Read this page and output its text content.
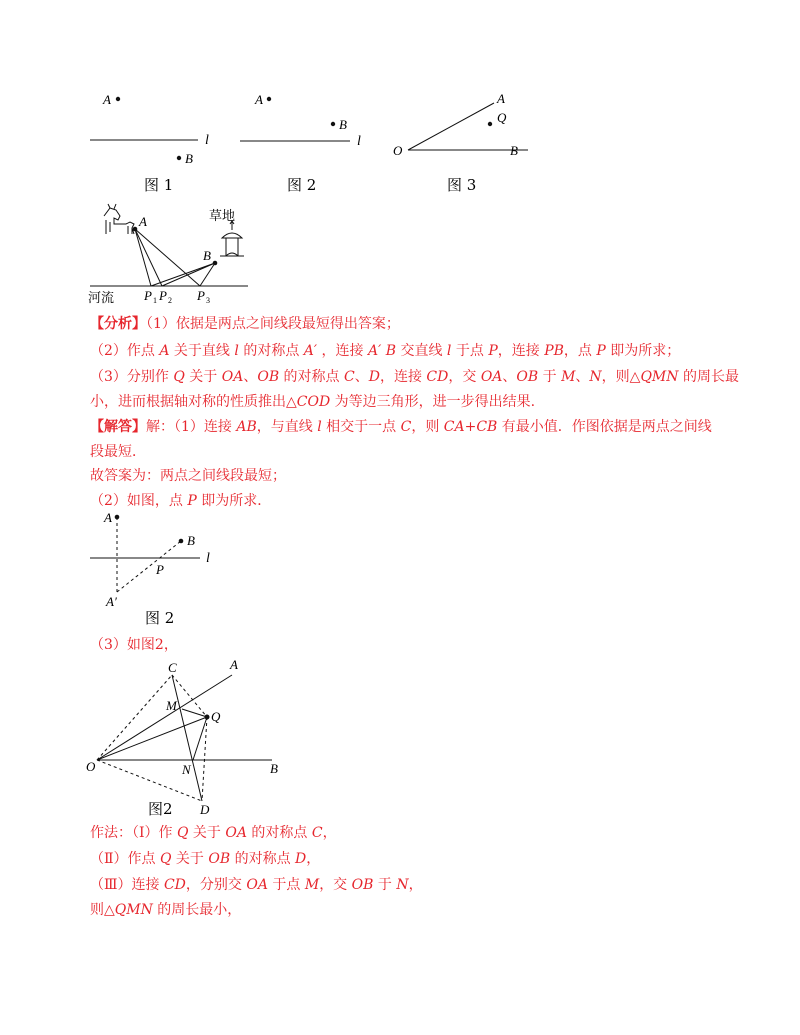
A
l
B
图 1
A
l
B
图 2
O	B
A
Q
图 3
草地
A
B
河流 P 1 P 2 P 3
【分析】（1）依据是两点之间线段最短得出答案；
（2）作点 A 关于直线 l 的对称点 A′ ，连接 A′ B 交直线 l 于点 P，连接 PB，点 P 即为所求；
（3）分别作 Q 关于 OA、OB 的对称点 C、D，连接 CD，交 OA、OB 于 M、N，则△QMN 的周长最
小，进而根据轴对称的性质推出△COD 为等边三角形，进一步得出结果.
【解答】解：（1）连接 AB，与直线 l 相交于一点 C，则 CA+CB 有最小值．作图依据是两点之间线
段最短．
故答案为：两点之间线段最短；
（2）如图，点 P 即为所求．
A
l
B
P
A′
图 2
（3）如图2，
C	A
M
Q
O	N	B
D
图2
作法：（Ⅰ）作 Q 关于 OA 的对称点 C，
（Ⅱ）作点 Q 关于 OB 的对称点 D，
（Ⅲ）连接 CD，分别交 OA 于点 M，交 OB 于 N，
则△QMN 的周长最小，
